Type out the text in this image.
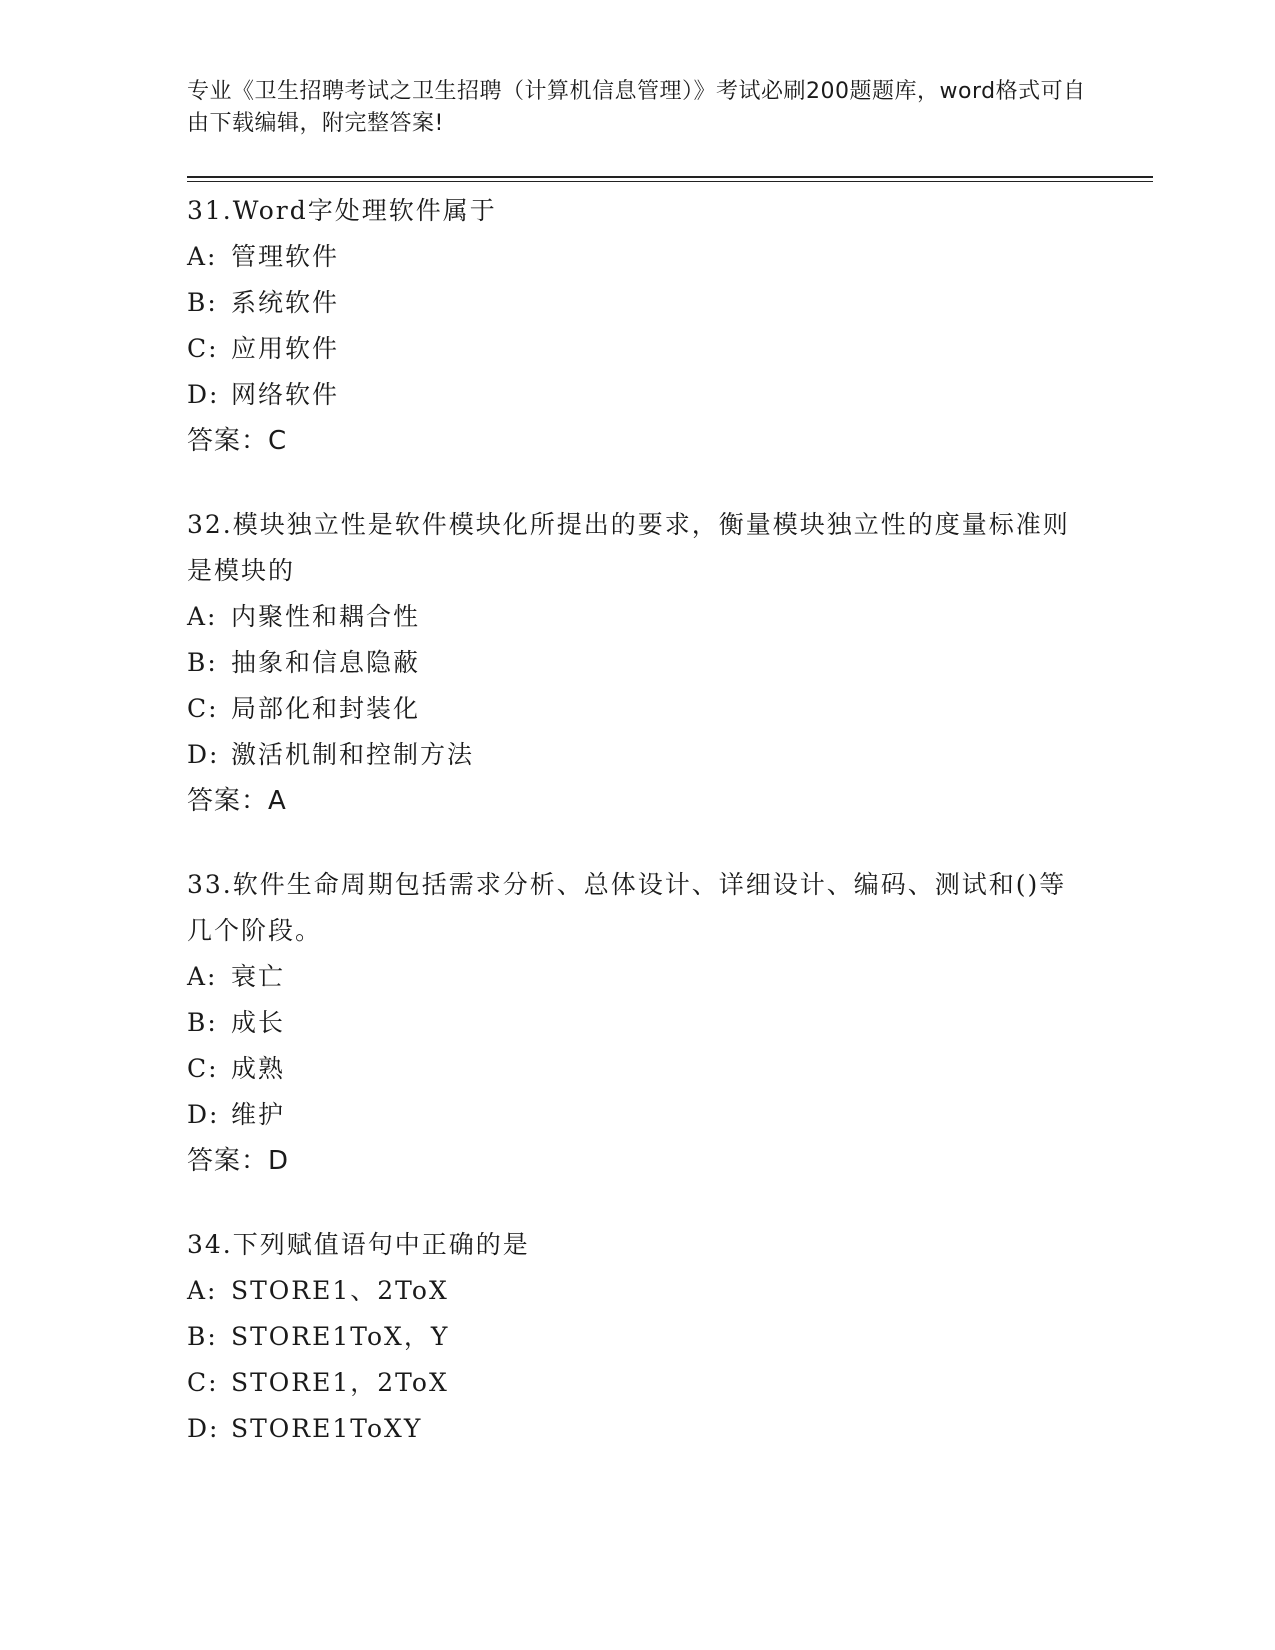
专业《卫生招聘考试之卫生招聘（计算机信息管理）》考试必刷200题题库，word格式可自由下载编辑，附完整答案!
31.Word字处理软件属于
A: 管理软件
B: 系统软件
C: 应用软件
D: 网络软件
答案：C
32.模块独立性是软件模块化所提出的要求，衡量模块独立性的度量标准则是模块的
A: 内聚性和耦合性
B: 抽象和信息隐蔽
C: 局部化和封装化
D: 激活机制和控制方法
答案：A
33.软件生命周期包括需求分析、总体设计、详细设计、编码、测试和()等几个阶段。
A: 衰亡
B: 成长
C: 成熟
D: 维护
答案：D
34.下列赋值语句中正确的是
A: STORE1、2ToX
B: STORE1ToX，Y
C: STORE1，2ToX
D: STORE1ToXY
